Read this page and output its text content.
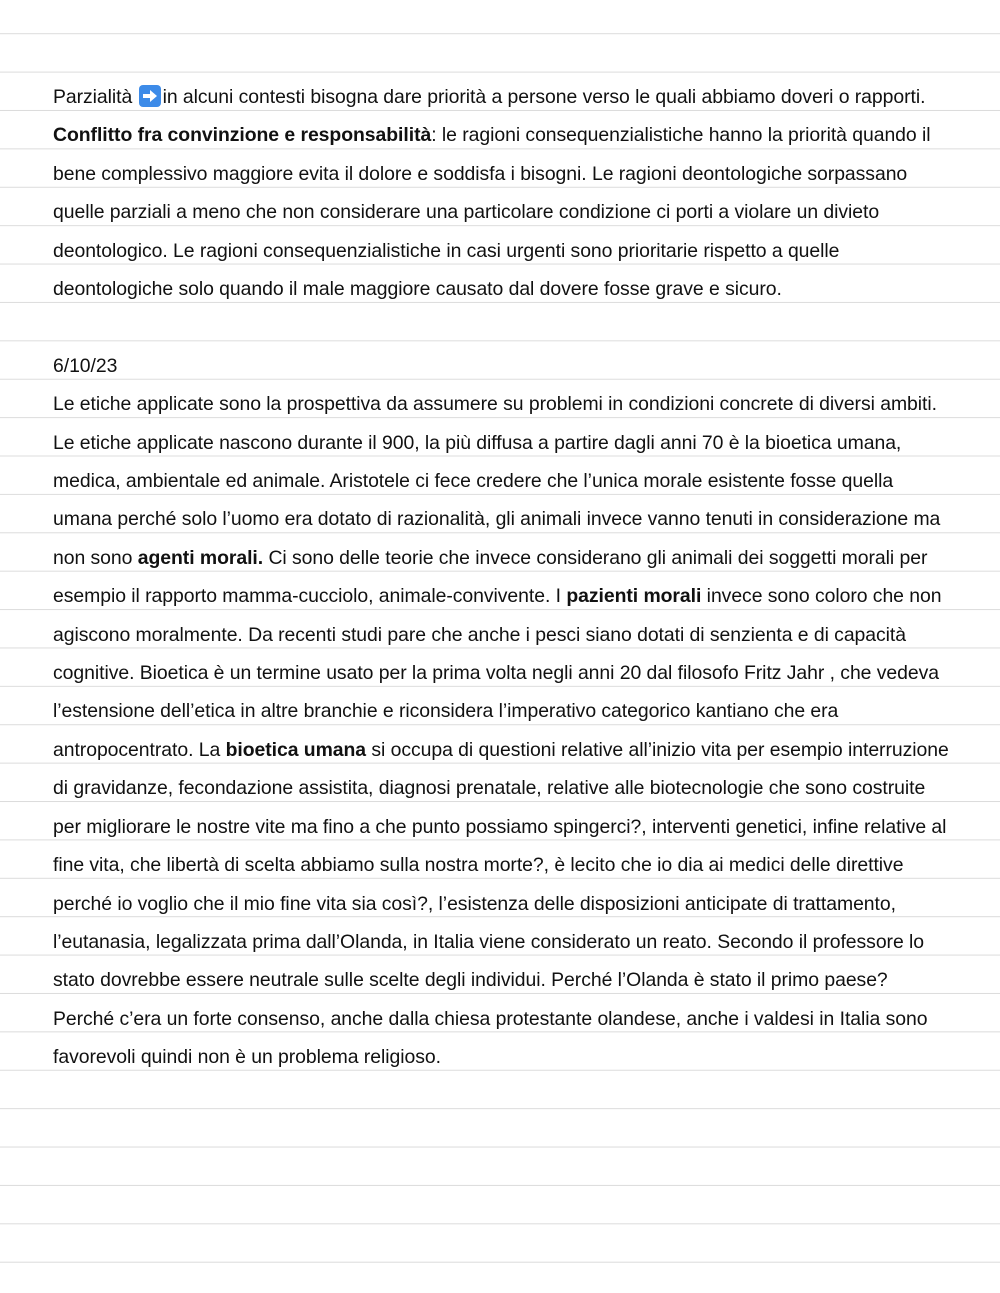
Parzialità in alcuni contesti bisogna dare priorità a persone verso le quali abbiamo doveri o rapporti.

Conflitto fra convinzione e responsabilità: le ragioni consequenzialistiche hanno la priorità quando il bene complessivo maggiore evita il dolore e soddisfa i bisogni. Le ragioni deontologiche sorpassano quelle parziali a meno che non considerare una particolare condizione ci porti a violare un divieto deontologico. Le ragioni consequenzialistiche in casi urgenti sono prioritarie rispetto a quelle deontologiche solo quando il male maggiore causato dal dovere fosse grave e sicuro.

6/10/23

Le etiche applicate sono la prospettiva da assumere su problemi in condizioni concrete di diversi ambiti. Le etiche applicate nascono durante il 900, la più diffusa a partire dagli anni 70 è la bioetica umana, medica, ambientale ed animale. Aristotele ci fece credere che l’unica morale esistente fosse quella umana perché solo l’uomo era dotato di razionalità, gli animali invece vanno tenuti in considerazione ma non sono agenti morali. Ci sono delle teorie che invece considerano gli animali dei soggetti morali per esempio il rapporto mamma-cucciolo, animale-convivente. I pazienti morali invece sono coloro che non agiscono moralmente. Da recenti studi pare che anche i pesci siano dotati di senzienta e di capacità cognitive. Bioetica è un termine usato per la prima volta negli anni 20 dal filosofo Fritz Jahr , che vedeva l’estensione dell’etica in altre branchie e riconsidera l’imperativo categorico kantiano che era antropocentrato. La bioetica umana si occupa di questioni relative all’inizio vita per esempio interruzione di gravidanze, fecondazione assistita, diagnosi prenatale, relative alle biotecnologie che sono costruite per migliorare le nostre vite ma fino a che punto possiamo spingerci?, interventi genetici, infine relative al fine vita, che libertà di scelta abbiamo sulla nostra morte?, è lecito che io dia ai medici delle direttive perché io voglio che il mio fine vita sia così?, l’esistenza delle disposizioni anticipate di trattamento, l’eutanasia, legalizzata prima dall’Olanda, in Italia viene considerato un reato. Secondo il professore lo stato dovrebbe essere neutrale sulle scelte degli individui. Perché l’Olanda è stato il primo paese? Perché c’era un forte consenso, anche dalla chiesa protestante olandese, anche i valdesi in Italia sono favorevoli quindi non è un problema religioso.
